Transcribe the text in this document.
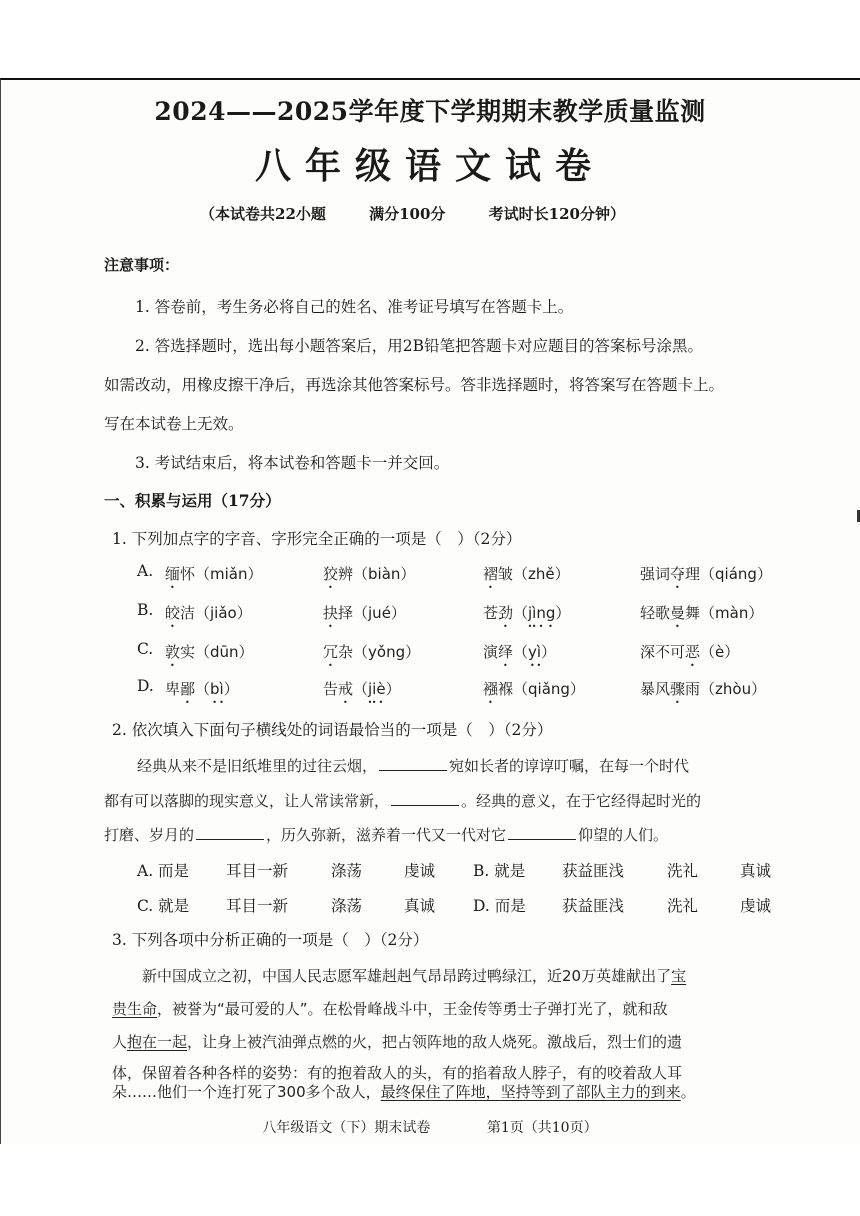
2024——2025学年度下学期期末教学质量监测
八年级语文试卷
（本试卷共22小题	满分100分	考试时长120分钟）
注意事项：
1. 答卷前，考生务必将自己的姓名、准考证号填写在答题卡上。
2. 答选择题时，选出每小题答案后，用2B铅笔把答题卡对应题目的答案标号涂黑。
如需改动，用橡皮擦干净后，再选涂其他答案标号。答非选择题时，将答案写在答题卡上。
写在本试卷上无效。
3. 考试结束后，将本试卷和答题卡一并交回。
一、积累与运用（17分）
1. 下列加点字的字音、字形完全正确的一项是（　）（2分）
A. 缅怀（miǎn）	狡辨（biàn）	褶皱（zhě）	强词夺理（qiáng）
B. 皎洁（jiǎo）	抉择（jué）	苍劲（jìng）	轻歌曼舞（màn）
C. 敦实（dūn）	冗杂（yǒng）	演绎（yì）	深不可恶（è）
D. 卑鄙（bì）	告戒（jiè）	襁褓（qiǎng）	暴风骤雨（zhòu）
2. 依次填入下面句子横线处的词语最恰当的一项是（　）（2分）
经典从来不是旧纸堆里的过往云烟，	宛如长者的谆谆叮嘱，在每一个时代
都有可以落脚的现实意义，让人常读常新，	。经典的意义，在于它经得起时光的
打磨、岁月的	，历久弥新，滋养着一代又一代对它	仰望的人们。
A. 而是 耳目一新	涤荡	虔诚 B. 就是 获益匪浅	洗礼	真诚
C. 就是 耳目一新	涤荡	真诚 D. 而是 获益匪浅	洗礼	虔诚
3. 下列各项中分析正确的一项是（　）（2分）
新中国成立之初，中国人民志愿军雄赳赳气昂昂跨过鸭绿江，近20万英雄献出了宝
贵生命，被誉为“最可爱的人”。在松骨峰战斗中，王金传等勇士子弹打光了，就和敌
人抱在一起，让身上被汽油弹点燃的火，把占领阵地的敌人烧死。激战后，烈士们的遗
体，保留着各种各样的姿势：有的抱着敌人的头，有的掐着敌人脖子，有的咬着敌人耳
朵……他们一个连打死了300多个敌人，最终保住了阵地，坚持等到了部队主力的到来。
八年级语文（下）期末试卷	第1页（共10页）
